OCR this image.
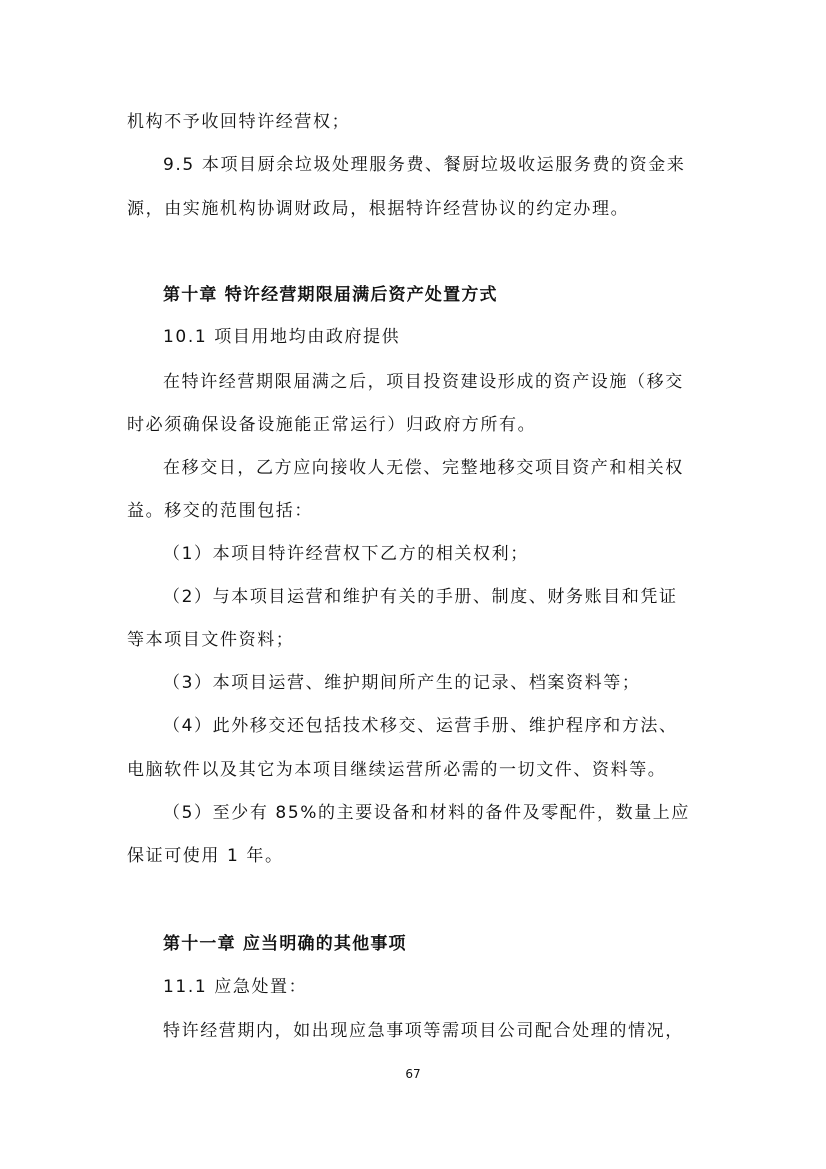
机构不予收回特许经营权；
9.5 本项目厨余垃圾处理服务费、餐厨垃圾收运服务费的资金来
源，由实施机构协调财政局，根据特许经营协议的约定办理。
第十章 特许经营期限届满后资产处置方式
10.1 项目用地均由政府提供
在特许经营期限届满之后，项目投资建设形成的资产设施（移交
时必须确保设备设施能正常运行）归政府方所有。
在移交日，乙方应向接收人无偿、完整地移交项目资产和相关权
益。移交的范围包括：
（1）本项目特许经营权下乙方的相关权利；
（2）与本项目运营和维护有关的手册、制度、财务账目和凭证
等本项目文件资料；
（3）本项目运营、维护期间所产生的记录、档案资料等；
（4）此外移交还包括技术移交、运营手册、维护程序和方法、
电脑软件以及其它为本项目继续运营所必需的一切文件、资料等。
（5）至少有 85%的主要设备和材料的备件及零配件，数量上应
保证可使用 1 年。
第十一章 应当明确的其他事项
11.1 应急处置：
特许经营期内，如出现应急事项等需项目公司配合处理的情况，
67
